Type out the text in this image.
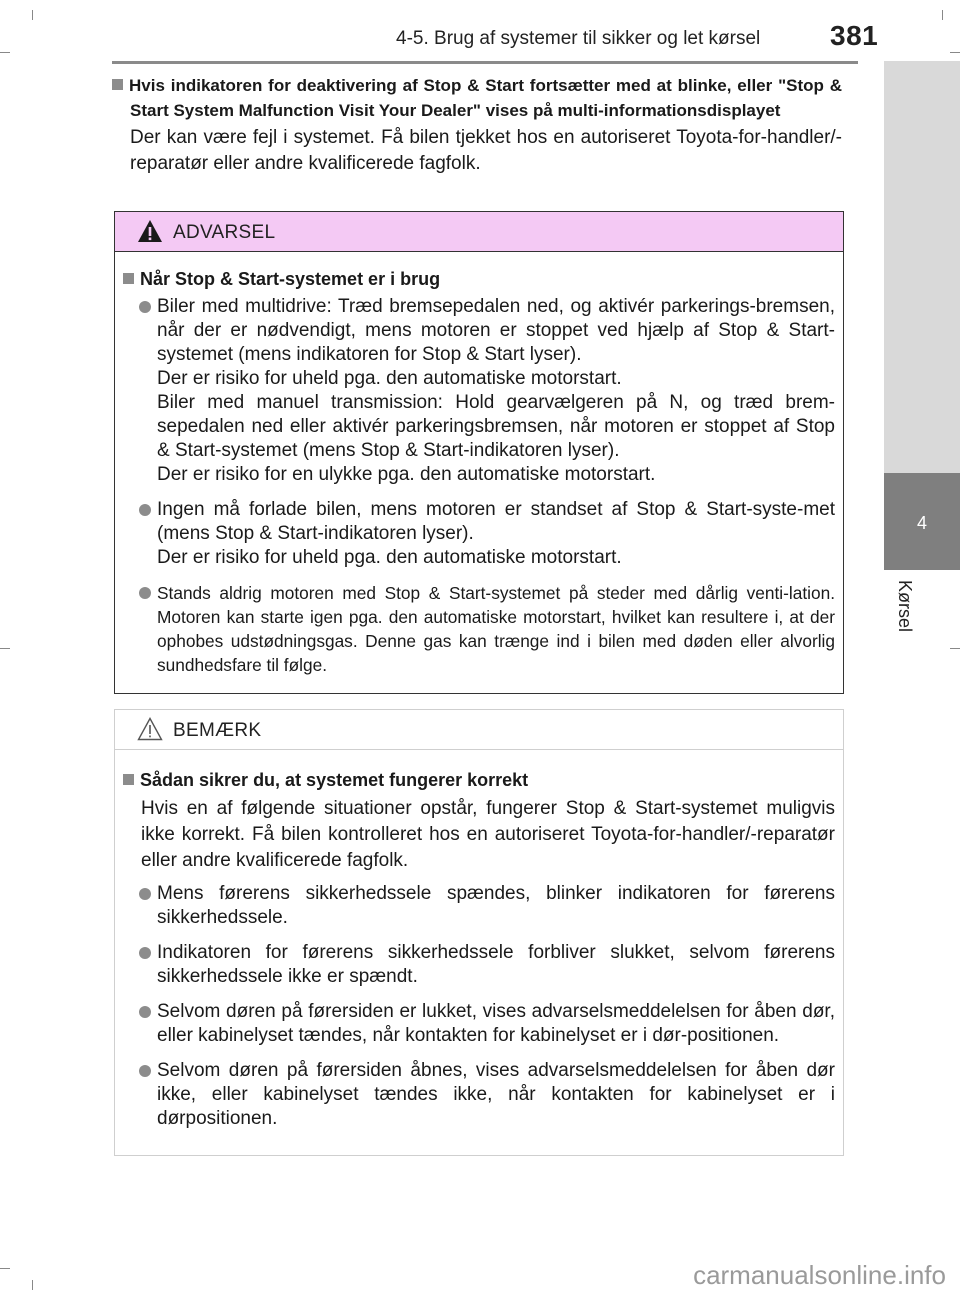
4-5. Brug af systemer til sikker og let kørsel 381
4
Kørsel
Hvis indikatoren for deaktivering af Stop & Start fortsætter med at blinke, eller "Stop & Start System Malfunction Visit Your Dealer" vises på multi-informationsdisplayet
Der kan være fejl i systemet. Få bilen tjekket hos en autoriseret Toyota-for-handler/-reparatør eller andre kvalificerede fagfolk.
ADVARSEL
Når Stop & Start-systemet er i brug

Biler med multidrive: Træd bremsepedalen ned, og aktivér parkerings-bremsen, når der er nødvendigt, mens motoren er stoppet ved hjælp af Stop & Start-systemet (mens indikatoren for Stop & Start lyser).

Der er risiko for uheld pga. den automatiske motorstart.

Biler med manuel transmission: Hold gearvælgeren på N, og træd brem-sepedalen ned eller aktivér parkeringsbremsen, når motoren er stoppet af Stop & Start-systemet (mens Stop & Start-indikatoren lyser).

Der er risiko for en ulykke pga. den automatiske motorstart.

Ingen må forlade bilen, mens motoren er standset af Stop & Start-syste-met (mens Stop & Start-indikatoren lyser).

Der er risiko for uheld pga. den automatiske motorstart.

Stands aldrig motoren med Stop & Start-systemet på steder med dårlig venti-lation. Motoren kan starte igen pga. den automatiske motorstart, hvilket kan resultere i, at der ophobes udstødningsgas. Denne gas kan trænge ind i bilen med døden eller alvorlig sundhedsfare til følge.

BEMÆRK
Sådan sikrer du, at systemet fungerer korrekt
Hvis en af følgende situationer opstår, fungerer Stop & Start-systemet muligvis ikke korrekt. Få bilen kontrolleret hos en autoriseret Toyota-for-handler/-reparatør eller andre kvalificerede fagfolk.

Mens førerens sikkerhedssele spændes, blinker indikatoren for førerens sikkerhedssele.

Indikatoren for førerens sikkerhedssele forbliver slukket, selvom førerens sikkerhedssele ikke er spændt.

Selvom døren på førersiden er lukket, vises advarselsmeddelelsen for åben dør, eller kabinelyset tændes, når kontakten for kabinelyset er i dør-positionen.

Selvom døren på førersiden åbnes, vises advarselsmeddelelsen for åben dør ikke, eller kabinelyset tændes ikke, når kontakten for kabinelyset er i dørpositionen.

carmanualsonline.info
